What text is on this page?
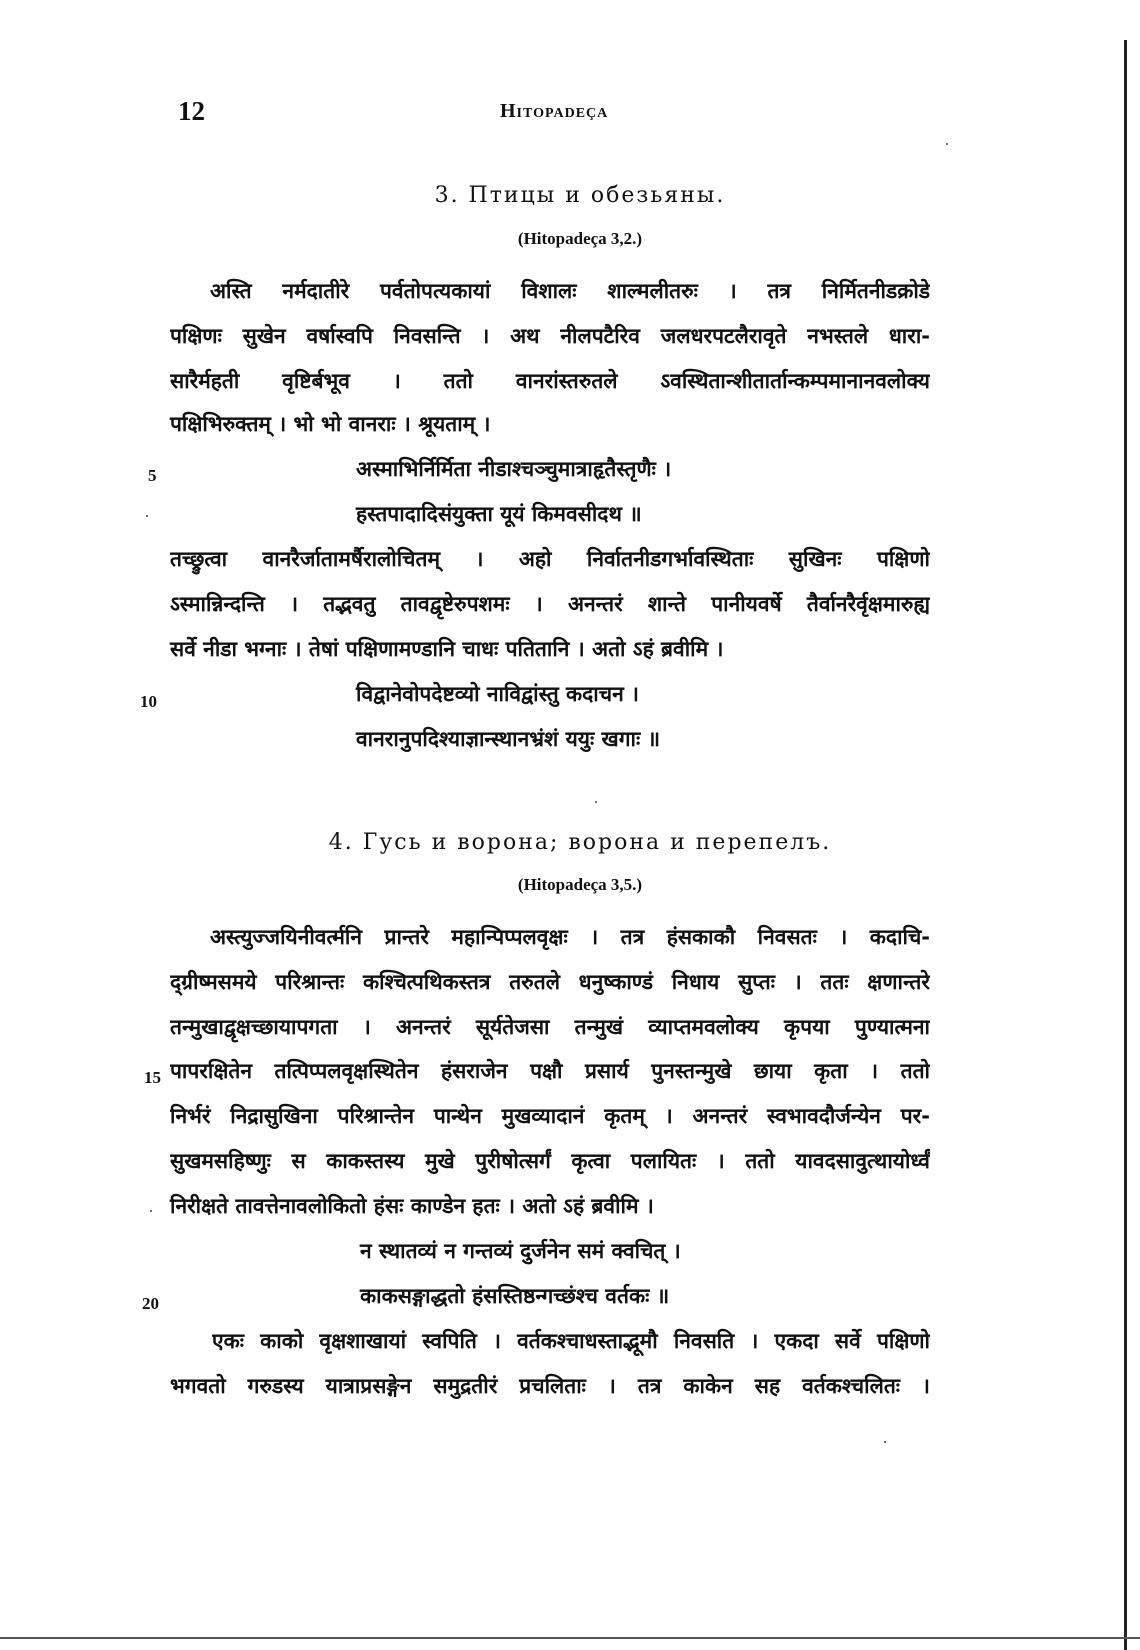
12	Hitopadeça
3. Птицы и обезьяны.
(Hitopadeça 3,2.)
अस्ति नर्मदातीरे पर्वतोपत्यकायां विशालः शाल्मलीतरुः । तत्र निर्मितनीडक्रोडे
पक्षिणः सुखेन वर्षास्वपि निवसन्ति । अथ नीलपटैरिव जलधरपटलैरावृते नभस्तले धारा-
सारैर्महती वृष्टिर्बभूव । ततो वानरांस्तरुतले ऽवस्थितान्शीतार्तान्कम्पमानानवलोक्य
पक्षिभिरुक्तम् । भो भो वानराः । श्रूयताम् ।
5	अस्माभिर्निर्मिता नीडाश्चञ्चुमात्राहृतैस्तृणैः ।
हस्तपादादिसंयुक्ता यूयं किमवसीदथ ॥
तच्छ्रुत्वा वानरैर्जातामर्षैरालोचितम् । अहो निर्वातनीडगर्भावस्थिताः सुखिनः पक्षिणो
ऽस्मान्निन्दन्ति । तद्भवतु तावद्वृष्टेरुपशमः । अनन्तरं शान्ते पानीयवर्षे तैर्वानरैर्वृक्षमारुह्य
सर्वे नीडा भग्नाः । तेषां पक्षिणामण्डानि चाधः पतितानि । अतो ऽहं ब्रवीमि ।
10	विद्वानेवोपदेष्टव्यो नाविद्वांस्तु कदाचन ।
वानरानुपदिश्याज्ञान्स्थानभ्रंशं ययुः खगाः ॥
4. Гусь и ворона; ворона и перепелъ.
(Hitopadeça 3,5.)
अस्त्युज्जयिनीवर्त्मनि प्रान्तरे महान्पिप्पलवृक्षः । तत्र हंसकाकौ निवसतः । कदाचि-
द्ग्रीष्मसमये परिश्रान्तः कश्चित्पथिकस्तत्र तरुतले धनुष्काण्डं निधाय सुप्तः । ततः क्षणान्तरे
तन्मुखाद्वृक्षच्छायापगता । अनन्तरं सूर्यतेजसा तन्मुखं व्याप्तमवलोक्य कृपया पुण्यात्मना
15 पापरक्षितेन तत्पिप्पलवृक्षस्थितेन हंसराजेन पक्षौ प्रसार्य पुनस्तन्मुखे छाया कृता । ततो
निर्भरं निद्रासुखिना परिश्रान्तेन पान्थेन मुखव्यादानं कृतम् । अनन्तरं स्वभावदौर्जन्येन पर-
सुखमसहिष्णुः स काकस्तस्य मुखे पुरीषोत्सर्गं कृत्वा पलायितः । ततो यावदसावुत्थायोर्ध्वं
निरीक्षते तावत्तेनावलोकितो हंसः काण्डेन हतः । अतो ऽहं ब्रवीमि ।
न स्थातव्यं न गन्तव्यं दुर्जनेन समं क्वचित् ।
20	काकसङ्गाद्धतो हंसस्तिष्ठन्गच्छंश्च वर्तकः ॥
एकः काको वृक्षशाखायां स्वपिति । वर्तकश्चाधस्ताद्भूमौ निवसति । एकदा सर्वे पक्षिणो
भगवतो गरुडस्य यात्राप्रसङ्गेन समुद्रतीरं प्रचलिताः । तत्र काकेन सह वर्तकश्चलितः ।
